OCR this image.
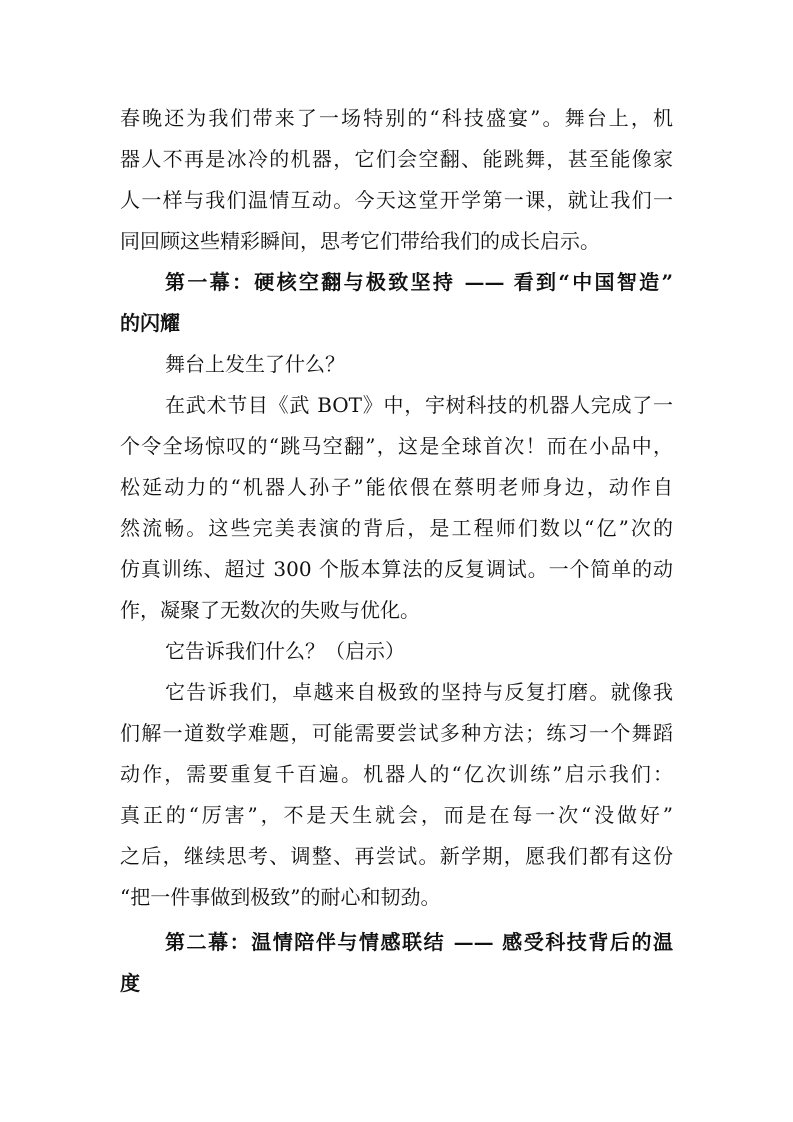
春晚还为我们带来了一场特别的“科技盛宴”。舞台上，机
器人不再是冰冷的机器，它们会空翻、能跳舞，甚至能像家
人一样与我们温情互动。今天这堂开学第一课，就让我们一
同回顾这些精彩瞬间，思考它们带给我们的成长启示。
第一幕：硬核空翻与极致坚持 —— 看到“中国智造”
的闪耀
舞台上发生了什么？
在武术节目《武 BOT》中，宇树科技的机器人完成了一
个令全场惊叹的“跳马空翻”，这是全球首次！而在小品中，
松延动力的“机器人孙子”能依偎在蔡明老师身边，动作自
然流畅。这些完美表演的背后，是工程师们数以“亿”次的
仿真训练、超过 300 个版本算法的反复调试。一个简单的动
作，凝聚了无数次的失败与优化。
它告诉我们什么？（启示）
它告诉我们，卓越来自极致的坚持与反复打磨。就像我
们解一道数学难题，可能需要尝试多种方法；练习一个舞蹈
动作，需要重复千百遍。机器人的“亿次训练”启示我们：
真正的“厉害”，不是天生就会，而是在每一次“没做好”
之后，继续思考、调整、再尝试。新学期，愿我们都有这份
“把一件事做到极致”的耐心和韧劲。
第二幕：温情陪伴与情感联结 —— 感受科技背后的温
度
